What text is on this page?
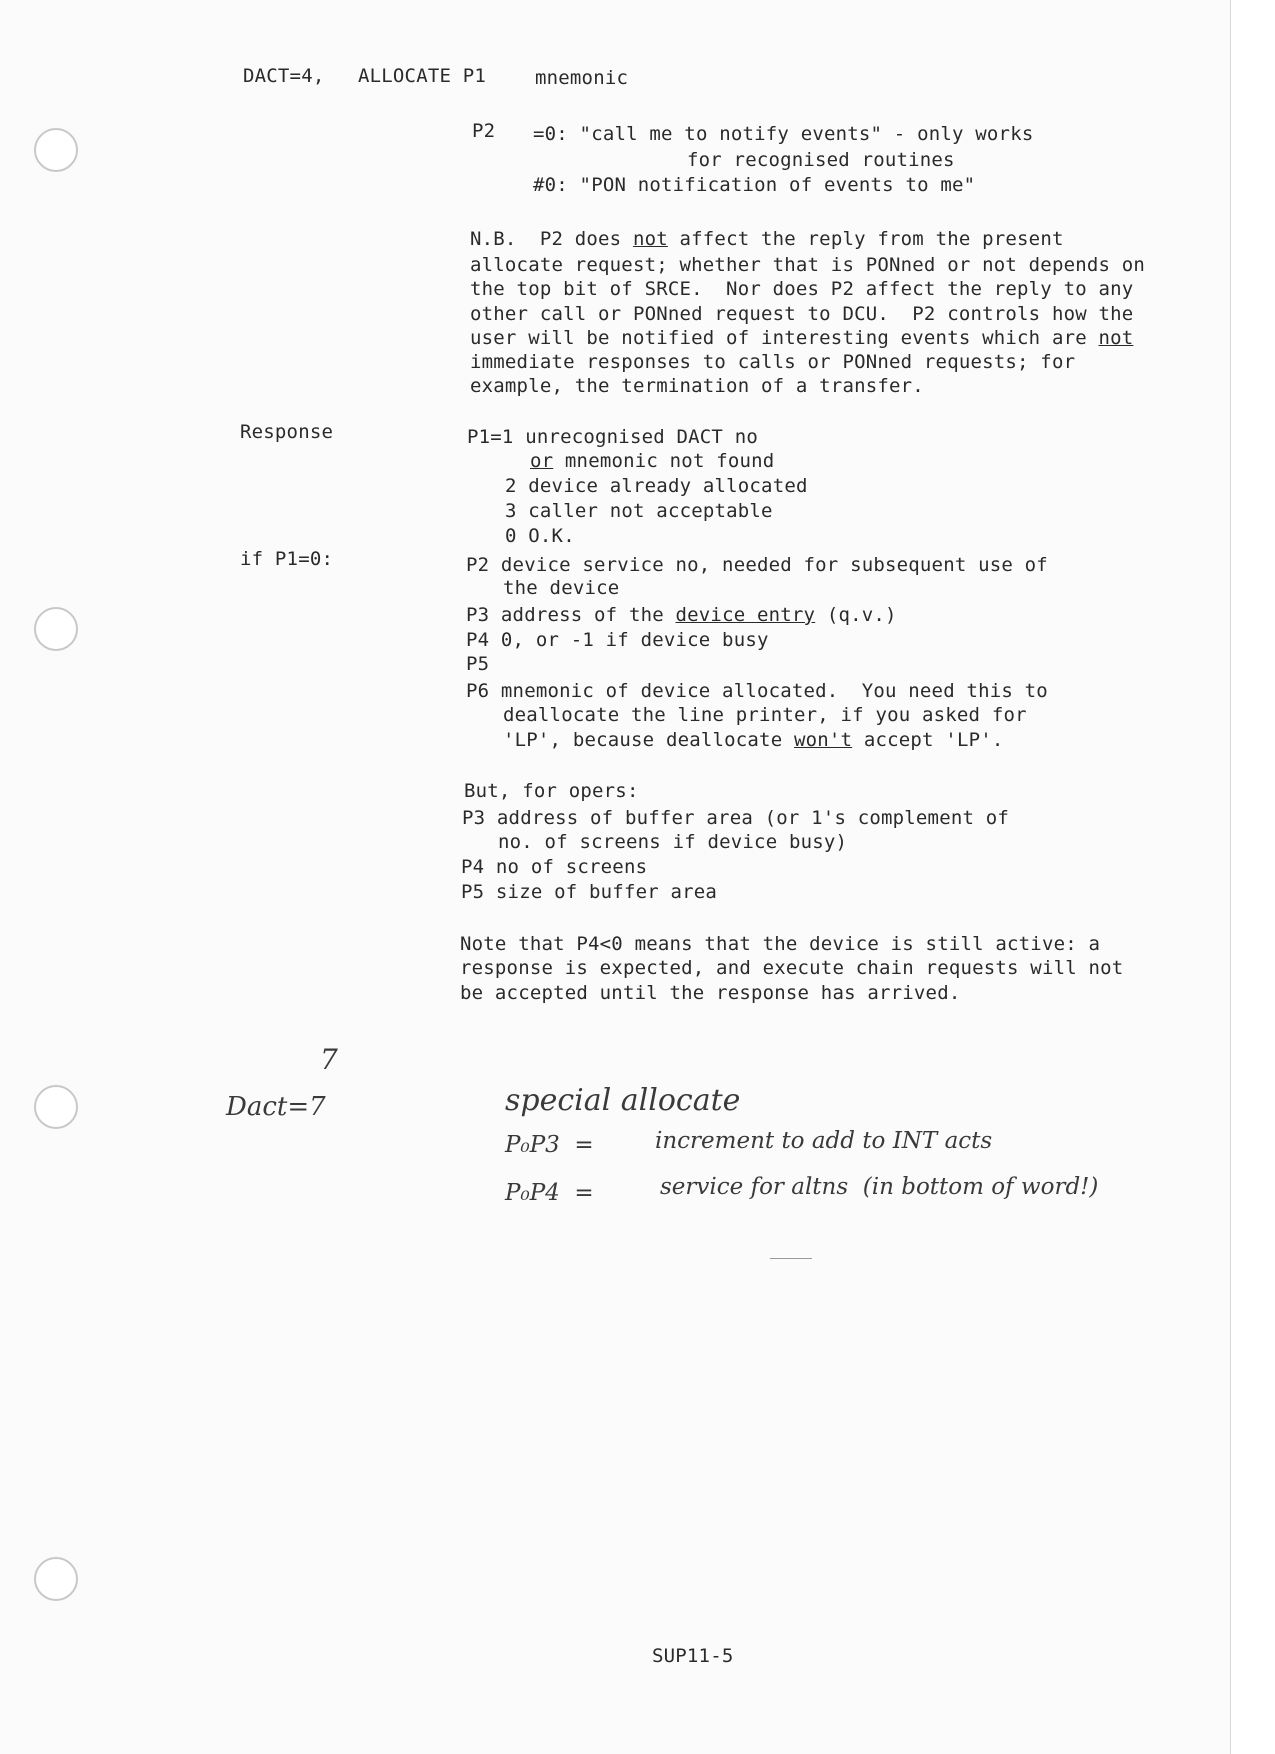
DACT=4, ALLOCATE P1	mnemonic
P2 =0: "call me to notify events" - only works
for recognised routines
#0: "PON notification of events to me"
N.B.  P2 does not affect the reply from the present
allocate request; whether that is PONned or not depends on
the top bit of SRCE.  Nor does P2 affect the reply to any
other call or PONned request to DCU.  P2 controls how the
user will be notified of interesting events which are not
immediate responses to calls or PONned requests; for
example, the termination of a transfer.
Response	P1=1 unrecognised DACT no
or mnemonic not found
2 device already allocated
3 caller not acceptable
0 O.K.
if P1=0:	P2 device service no, needed for subsequent use of
the device
P3 address of the device entry (q.v.)
P4 0, or -1 if device busy
P5
P6 mnemonic of device allocated.  You need this to
deallocate the line printer, if you asked for
'LP', because deallocate won't accept 'LP'.
But, for opers:
P3 address of buffer area (or 1's complement of
no. of screens if device busy)
P4 no of screens
P5 size of buffer area
Note that P4<0 means that the device is still active: a
response is expected, and execute chain requests will not
be accepted until the response has arrived.
7
Dact=7	special allocate
P₀P3  =	increment to add to INT acts
P₀P4  =	service for altns  (in bottom of word!)
SUP11-5
